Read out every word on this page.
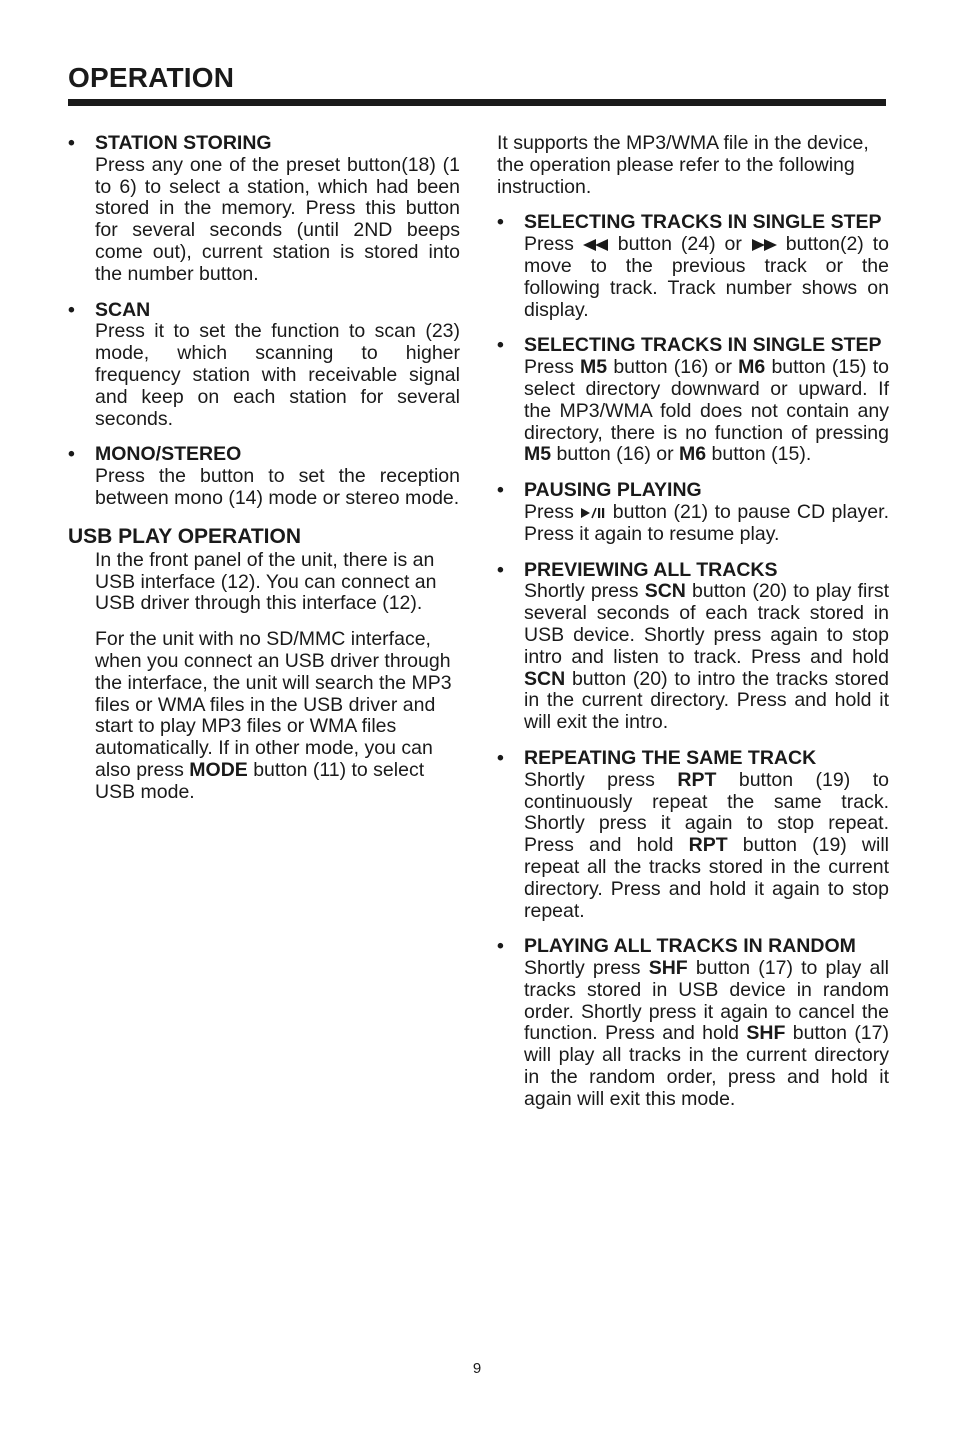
OPERATION
• STATION STORING
Press any one of the preset button(18) (1 to 6) to select a station, which had been stored in the memory. Press this button for several seconds (until 2ND beeps come out), current station is stored into the number button.
• SCAN
Press it to set the function to scan (23) mode, which scanning to higher frequency station with receivable signal and keep on each station for several seconds.
• MONO/STEREO
Press the button to set the reception between mono (14) mode or stereo mode.
USB PLAY OPERATION
In the front panel of the unit, there is an USB interface (12). You can connect an USB driver through this interface (12).
For the unit with no SD/MMC interface, when you connect an USB driver through the interface, the unit will search the MP3 files or WMA files in the USB driver and start to play MP3 files or WMA files automatically. If in other mode, you can also press MODE button (11) to select USB mode.
It supports the MP3/WMA file in the device, the operation please refer to the following instruction.
• SELECTING TRACKS IN SINGLE STEP
Press  button (24) or  button(2) to move to the previous track or the following track. Track number shows on display.
• SELECTING TRACKS IN SINGLE STEP
Press M5 button (16) or M6 button (15) to select directory downward or upward. If the MP3/WMA fold does not contain any directory, there is no function of pressing M5 button (16) or M6 button (15).
• PAUSING PLAYING
Press  button (21) to pause CD player. Press it again to resume play.
• PREVIEWING ALL TRACKS
Shortly press SCN button (20) to play first several seconds of each track stored in USB device. Shortly press again to stop intro and listen to track. Press and hold SCN button (20) to intro the tracks stored in the current directory. Press and hold it will exit the intro.
• REPEATING THE SAME TRACK
Shortly press RPT button (19) to continuously repeat the same track. Shortly press it again to stop repeat. Press and hold RPT button (19) will repeat all the tracks stored in the current directory. Press and hold it again to stop repeat.
• PLAYING ALL TRACKS IN RANDOM
Shortly press SHF button (17) to play all tracks stored in USB device in random order. Shortly press it again to cancel the function. Press and hold SHF button (17) will play all tracks in the current directory in the random order, press and hold it again will exit this mode.
9
